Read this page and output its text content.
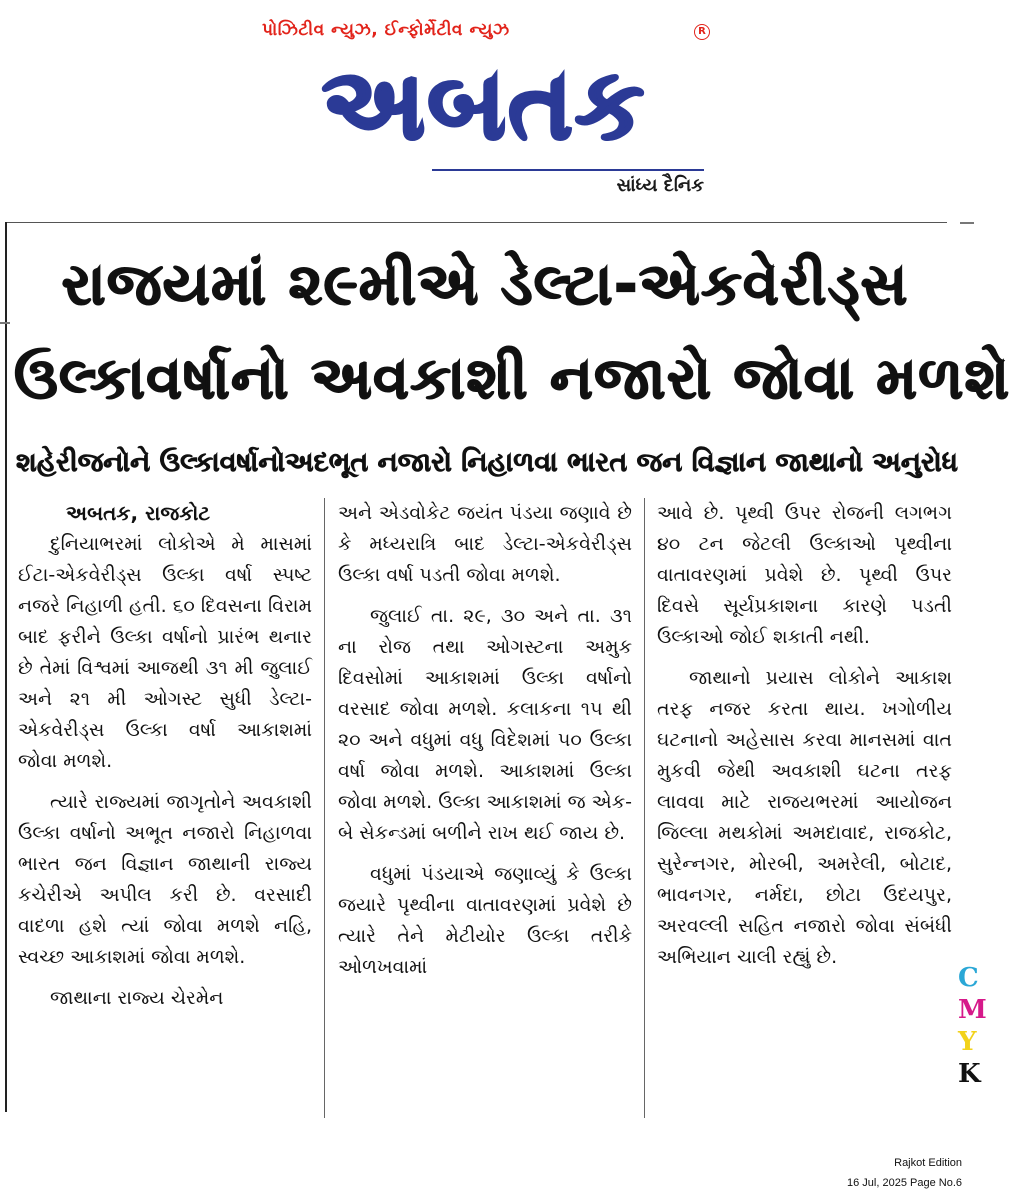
પોઝિટીવ ન્યુઝ, ઈન્ફોર્મેટીવ ન્યુઝ	R
અબતક
સાંધ્ય દૈનિક
રાજયમાં ૨૯મીએ ડેલ્ટા-એકવેરીડ્સ
ઉલ્કાવર્ષાનો અવકાશી નજારો જોવા મળશે
શહેરીજનોને ઉલ્કાવર્ષાનોઅદભૂત નજારો નિહાળવા ભારત જન વિજ્ઞાન જાથાનો અનુરોધ

અબતક, રાજકોટ

દુનિયાભરમાં લોકોએ મે માસમાં ઈટા-એકવેરીડ્સ ઉલ્કા વર્ષા સ્પષ્ટ નજરે નિહાળી હતી. ૬૦ દિવસના વિરામ બાદ ફરીને ઉલ્કા વર્ષાનો પ્રારંભ થનાર છે તેમાં વિશ્વમાં આજથી ૩૧ મી જુલાઈ અને ૨૧ મી ઓગસ્ટ સુધી ડેલ્ટા-એકવેરીડ્સ ઉલ્કા વર્ષા આકાશમાં જોવા મળશે.

ત્યારે રાજ્યમાં જાગૃતોને અવકાશી ઉલ્કા વર્ષાનો અભૂત નજારો નિહાળવા ભારત જન વિજ્ઞાન જાથાની રાજ્ય કચેરીએ અપીલ કરી છે. વરસાદી વાદળા હશે ત્યાં જોવા મળશે નહિ, સ્વચ્છ આકાશમાં જોવા મળશે.

જાથાના રાજ્ય ચેરમેન

અને એડવોકેટ જયંત પંડયા જણાવે છે કે મધ્યરાત્રિ બાદ ડેલ્ટા-એકવેરીડ્સ ઉલ્કા વર્ષા પડતી જોવા મળશે.

જુલાઈ તા. ૨૯, ૩૦ અને તા. ૩૧ ના રોજ તથા ઓગસ્ટના અમુક દિવસોમાં આકાશમાં ઉલ્કા વર્ષાનો વરસાદ જોવા મળશે. કલાકના ૧૫ થી ૨૦ અને વધુમાં વધુ વિદેશમાં ૫૦ ઉલ્કા વર્ષા જોવા મળશે. આકાશમાં ઉલ્કા જોવા મળશે. ઉલ્કા આકાશમાં જ એક-બે સેકન્ડમાં બળીને રાખ થઈ જાય છે.

વધુમાં પંડયાએ જણાવ્યું કે ઉલ્કા જયારે પૃથ્વીના વાતાવરણમાં પ્રવેશે છે ત્યારે તેને મેટીયોર ઉલ્કા તરીકે ઓળખવામાં

આવે છે. પૃથ્વી ઉપર રોજની લગભગ ૪૦ ટન જેટલી ઉલ્કાઓ પૃથ્વીના વાતાવરણમાં પ્રવેશે છે. પૃથ્વી ઉપર દિવસે સૂર્યપ્રકાશના કારણે પડતી ઉલ્કાઓ જોઈ શકાતી નથી.

જાથાનો પ્રયાસ લોકોને આકાશ તરફ નજર કરતા થાય. ખગોળીય ઘટનાનો અહેસાસ કરવા માનસમાં વાત મુકવી જેથી અવકાશી ઘટના તરફ લાવવા માટે રાજયભરમાં આયોજન જિલ્લા મથકોમાં અમદાવાદ, રાજકોટ, સુરેન્નગર, મોરબી, અમરેલી, બોટાદ, ભાવનગર, નર્મદા, છોટા ઉદયપુર, અરવલ્લી સહિત નજારો જોવા સંબંધી અભિયાન ચાલી રહ્યું છે.

C
M
Y
K
Rajkot Edition
16 Jul, 2025 Page No.6
